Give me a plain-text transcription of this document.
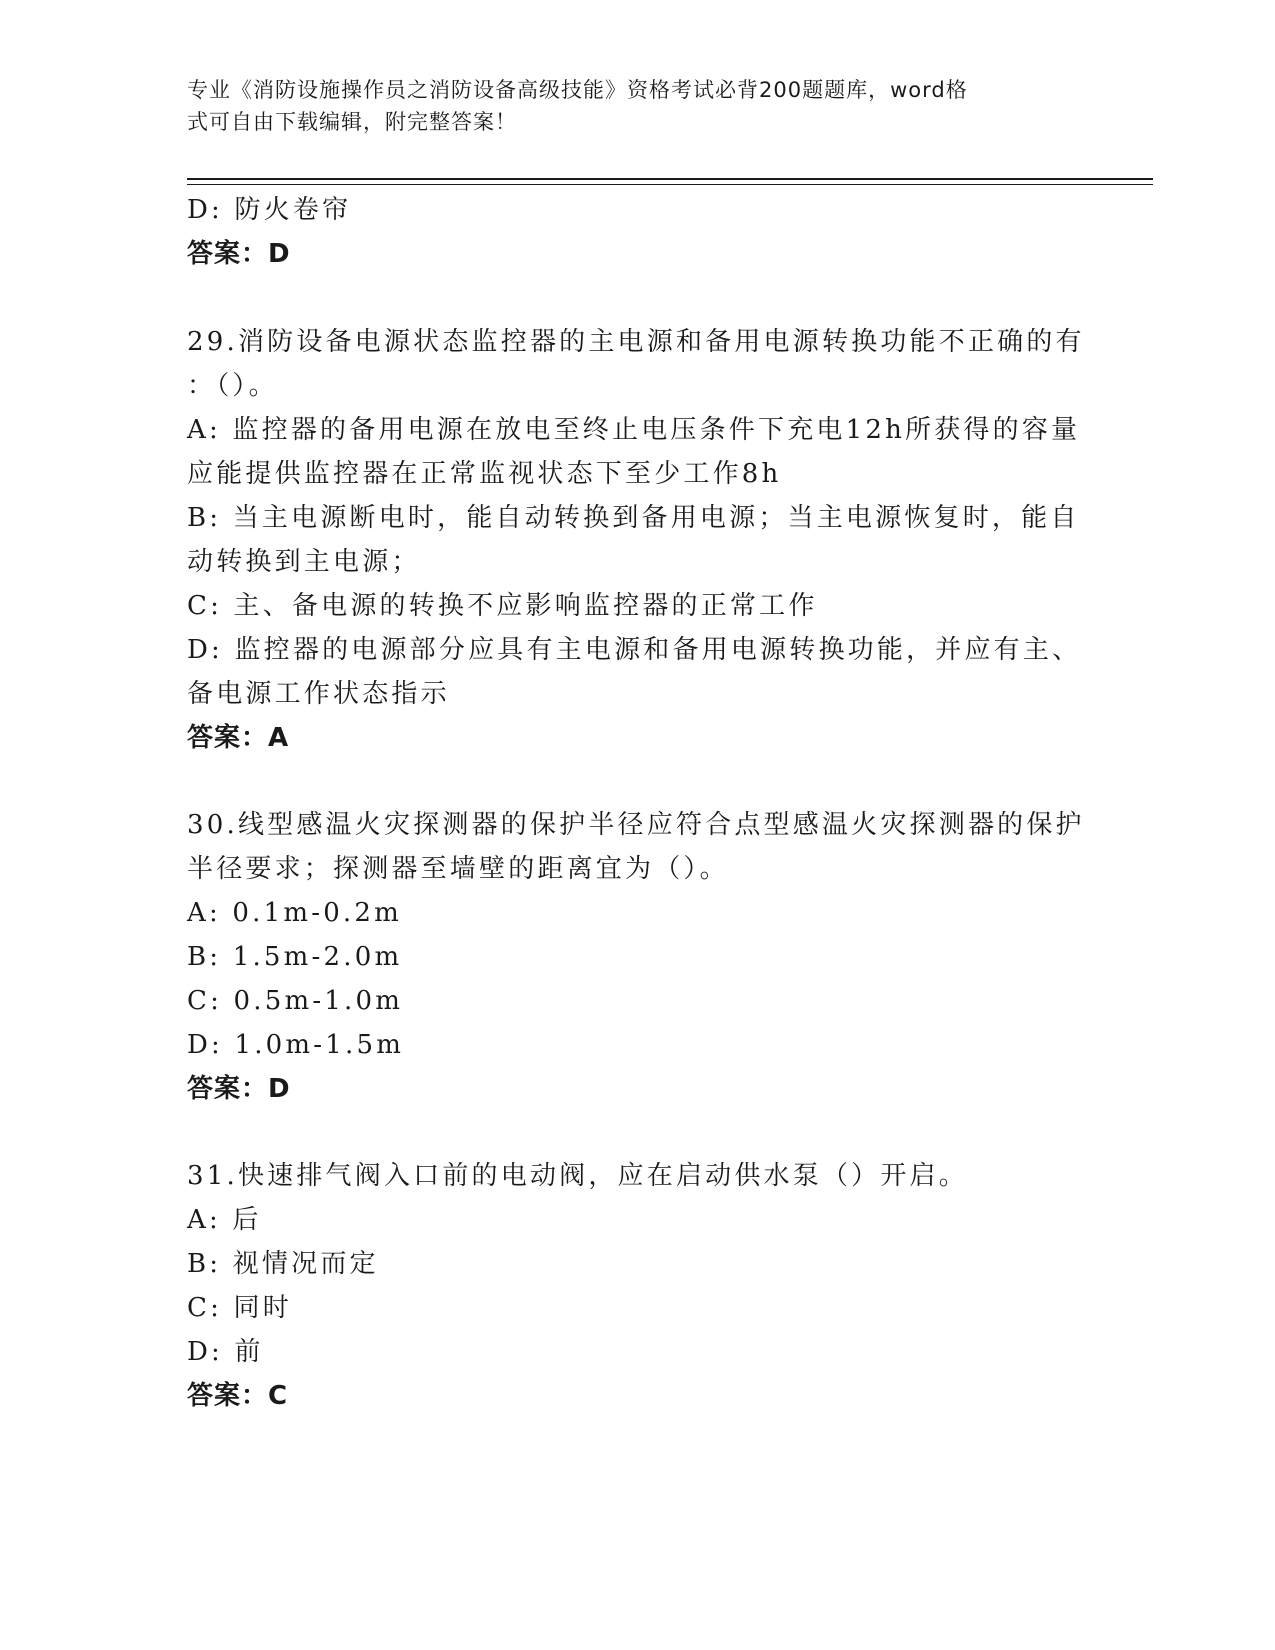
专业《消防设施操作员之消防设备高级技能》资格考试必背200题题库，word格
式可自由下载编辑，附完整答案！
D: 防火卷帘
答案：D
29.消防设备电源状态监控器的主电源和备用电源转换功能不正确的有
：（）。
A: 监控器的备用电源在放电至终止电压条件下充电12h所获得的容量
应能提供监控器在正常监视状态下至少工作8h
B: 当主电源断电时，能自动转换到备用电源；当主电源恢复时，能自
动转换到主电源；
C: 主、备电源的转换不应影响监控器的正常工作
D: 监控器的电源部分应具有主电源和备用电源转换功能，并应有主、
备电源工作状态指示
答案：A
30.线型感温火灾探测器的保护半径应符合点型感温火灾探测器的保护
半径要求；探测器至墙壁的距离宜为（）。
A: 0.1m-0.2m
B: 1.5m-2.0m
C: 0.5m-1.0m
D: 1.0m-1.5m
答案：D
31.快速排气阀入口前的电动阀，应在启动供水泵（）开启。
A: 后
B: 视情况而定
C: 同时
D: 前
答案：C
